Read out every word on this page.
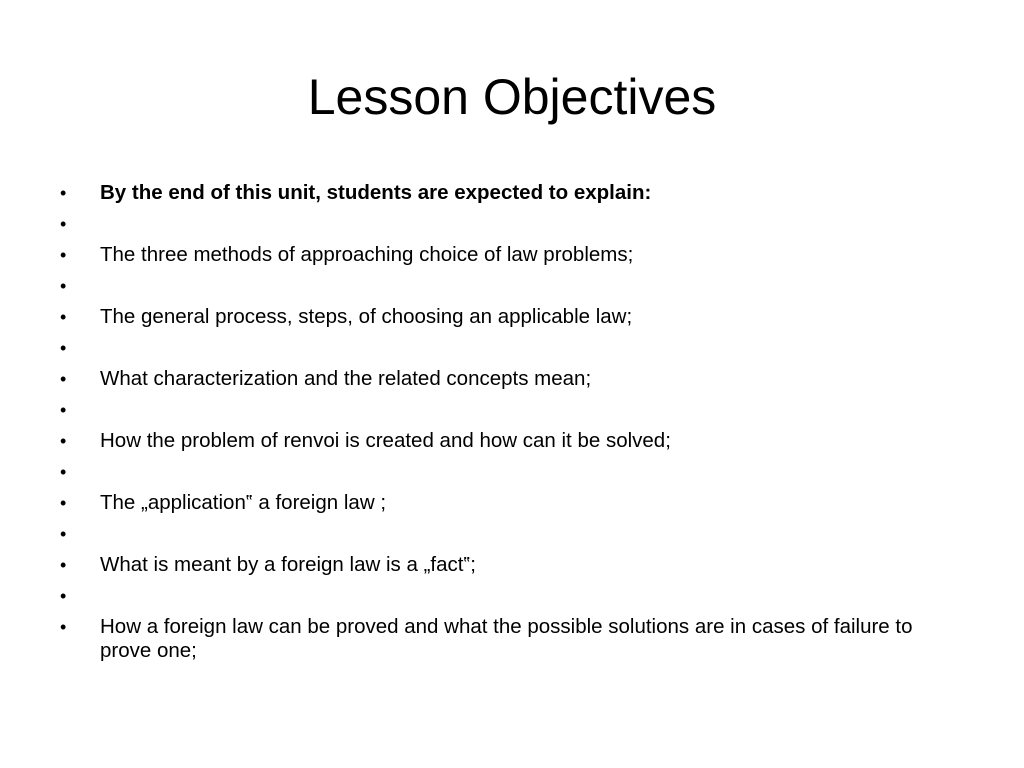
Lesson Objectives
•	By the end of this unit, students are expected to explain:
•
•	The three methods of approaching choice of law problems;
•
•	The general process, steps, of choosing an applicable law;
•
•	What characterization and the related concepts mean;
•
•	How the problem of renvoi is created and how can it be solved;
•
•	The „application‟ a foreign law ;
•
•	What is meant by a foreign law is a „fact‟;
•
•	How a foreign law can be proved and what the possible solutions are in cases of failure to prove one;
